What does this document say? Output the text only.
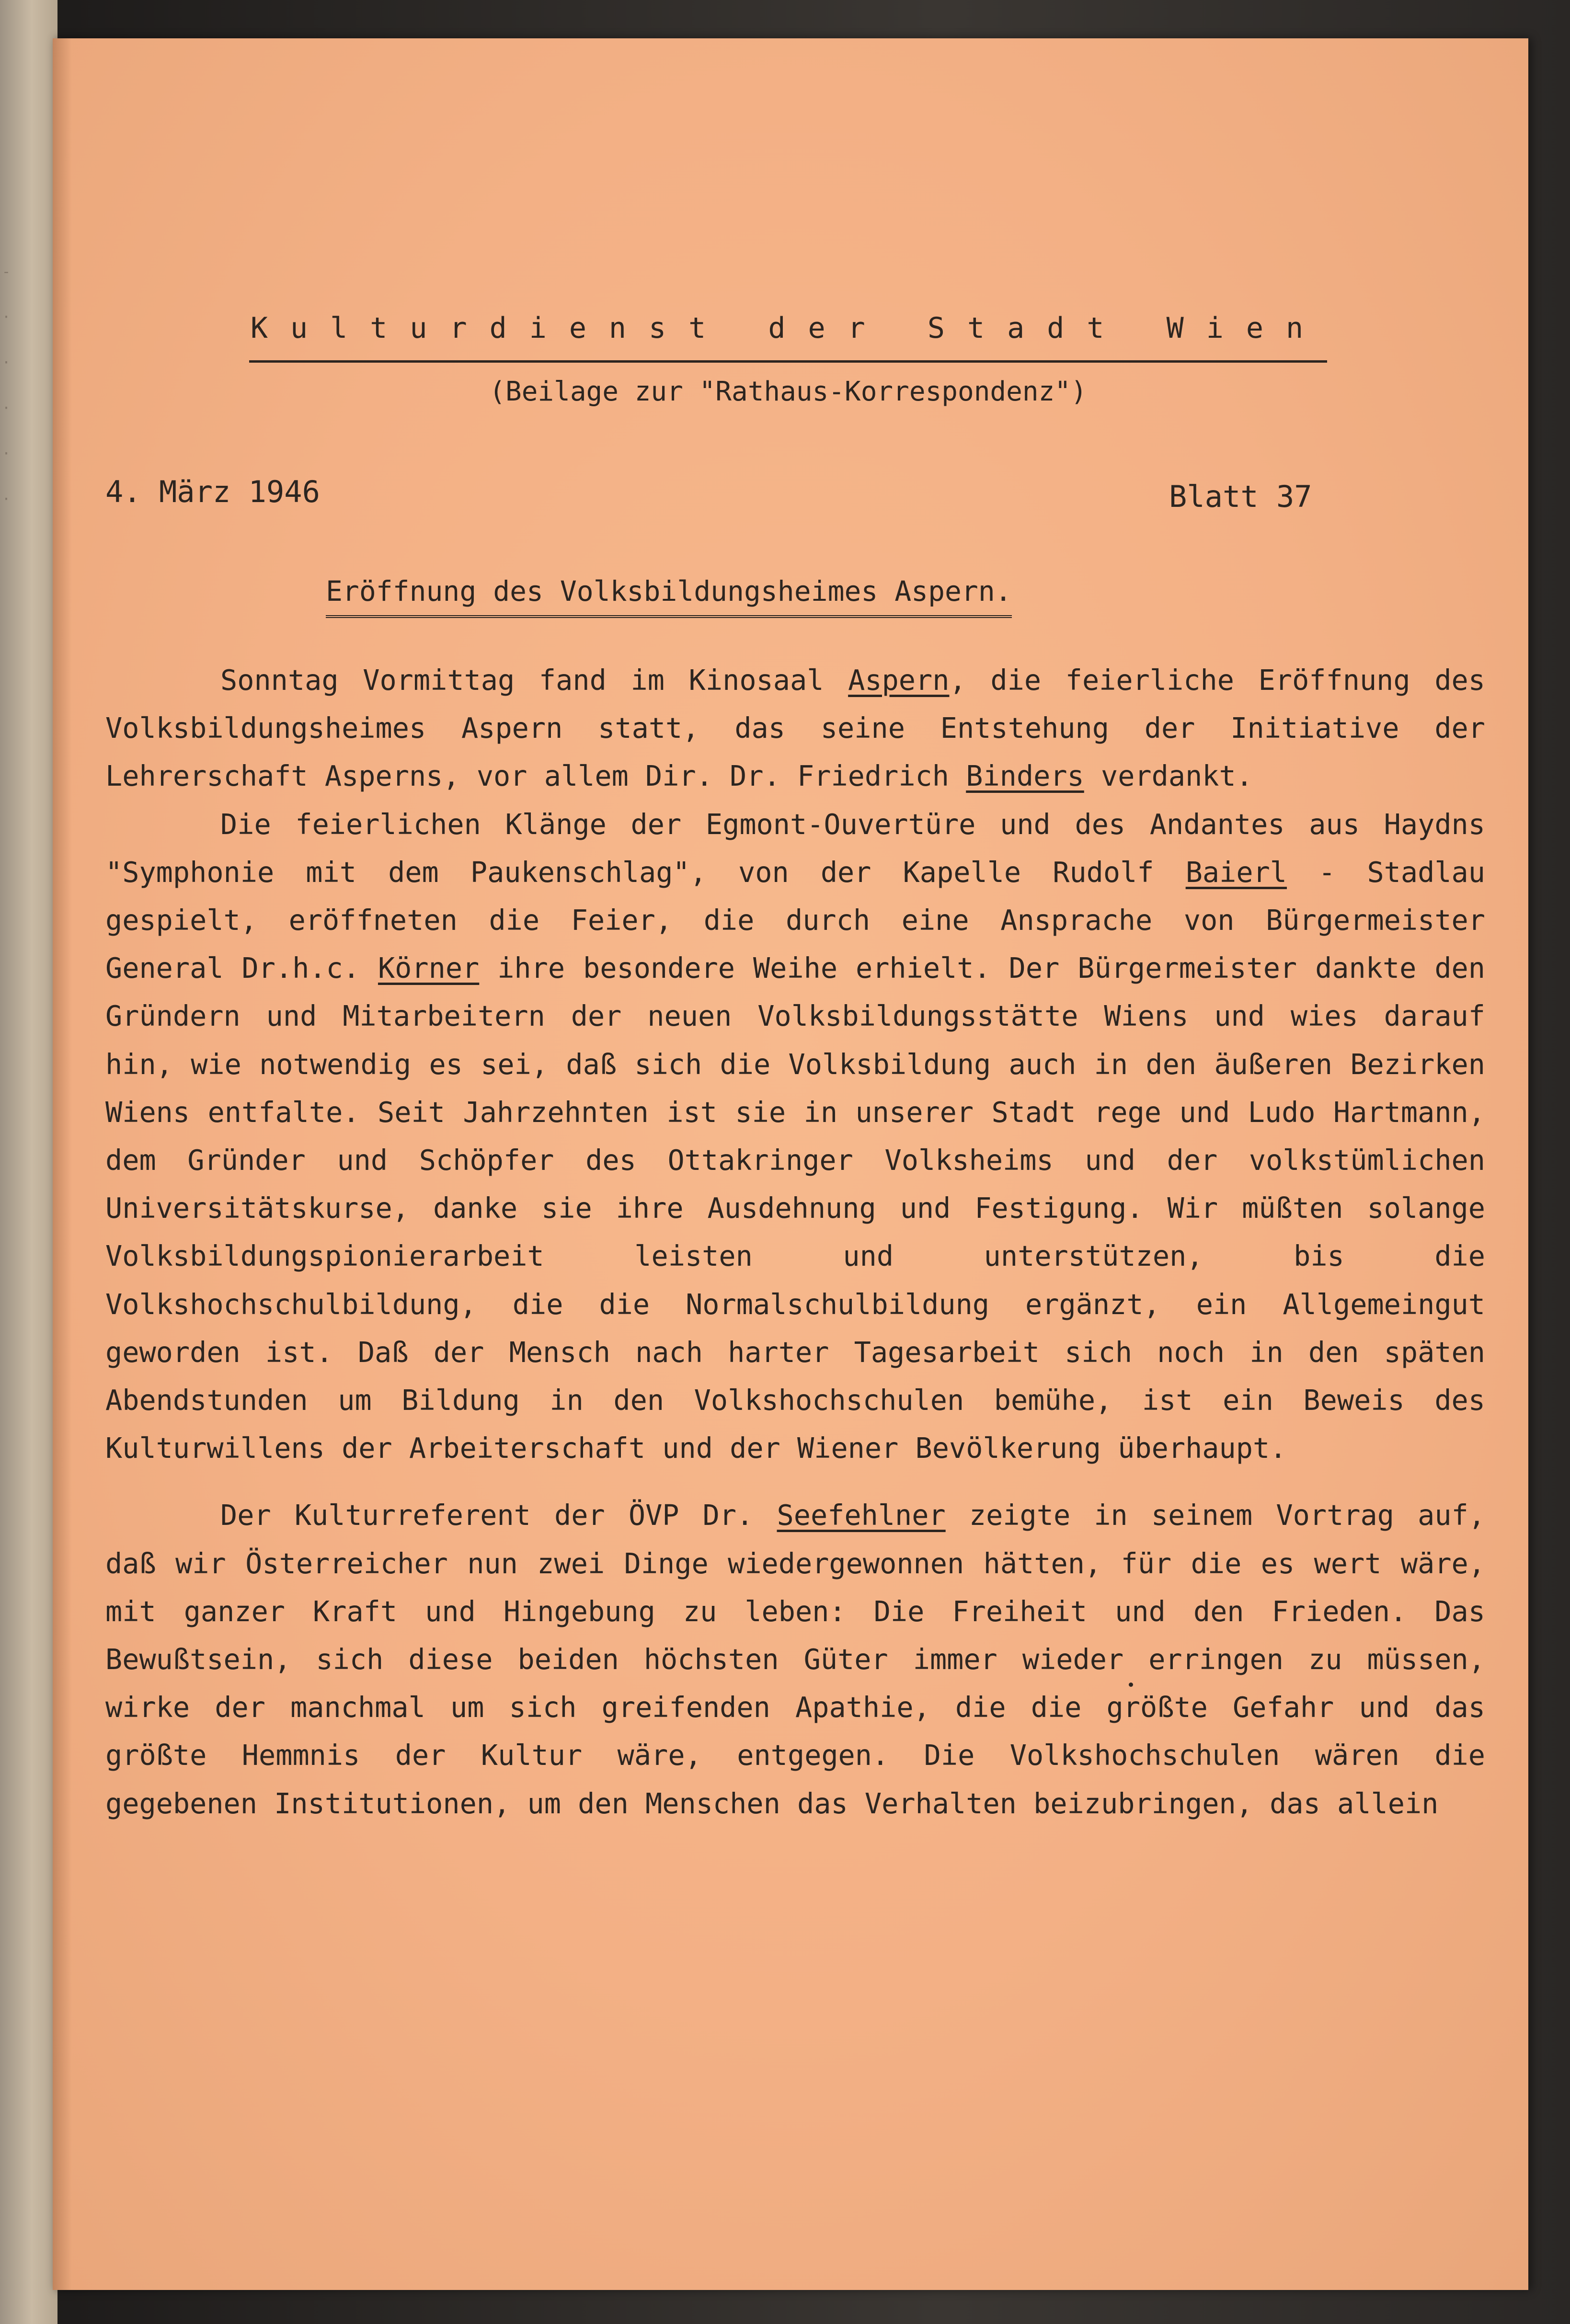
-
·
·
·
·
·

Kulturdienst der Stadt Wien

(Beilage zur "Rathaus-Korrespondenz")

4. März 1946	Blatt 37

Eröffnung des Volksbildungsheimes Aspern.

Sonntag Vormittag fand im Kinosaal Aspern, die feierliche Eröffnung des Volksbildungsheimes Aspern statt, das seine Entstehung der Initiative der Lehrerschaft Asperns, vor allem Dir. Dr. Friedrich Binders verdankt.

Die feierlichen Klänge der Egmont-Ouvertüre und des Andantes aus Haydns "Symphonie mit dem Paukenschlag", von der Kapelle Rudolf Baierl - Stadlau gespielt, eröffneten die Feier, die durch eine Ansprache von Bürgermeister General Dr.h.c. Körner ihre besondere Weihe erhielt. Der Bürgermeister dankte den Gründern und Mitarbeitern der neuen Volksbildungsstätte Wiens und wies darauf hin, wie notwendig es sei, daß sich die Volksbildung auch in den äußeren Bezirken Wiens entfalte. Seit Jahrzehnten ist sie in unserer Stadt rege und Ludo Hartmann, dem Gründer und Schöpfer des Ottakringer Volksheims und der volkstümlichen Universitätskurse, danke sie ihre Ausdehnung und Festigung. Wir müßten solange Volksbildungspionierarbeit leisten und unterstützen, bis die Volkshochschulbildung, die die Normalschulbildung ergänzt, ein Allgemeingut geworden ist. Daß der Mensch nach harter Tagesarbeit sich noch in den späten Abendstunden um Bildung in den Volkshochschulen bemühe, ist ein Beweis des Kulturwillens der Arbeiterschaft und der Wiener Bevölkerung überhaupt.

Der Kulturreferent der ÖVP Dr. Seefehlner zeigte in seinem Vortrag auf, daß wir Österreicher nun zwei Dinge wiedergewonnen hätten, für die es wert wäre, mit ganzer Kraft und Hingebung zu leben: Die Freiheit und den Frieden. Das Bewußtsein, sich diese beiden höchsten Güter immer wieder erringen zu müssen, wirke der manchmal um sich greifenden Apathie, die die größte Gefahr und das größte Hemmnis der Kultur wäre, entgegen. Die Volkshochschulen wären die gegebenen Institutionen, um den Menschen das Verhalten beizubringen, das allein
